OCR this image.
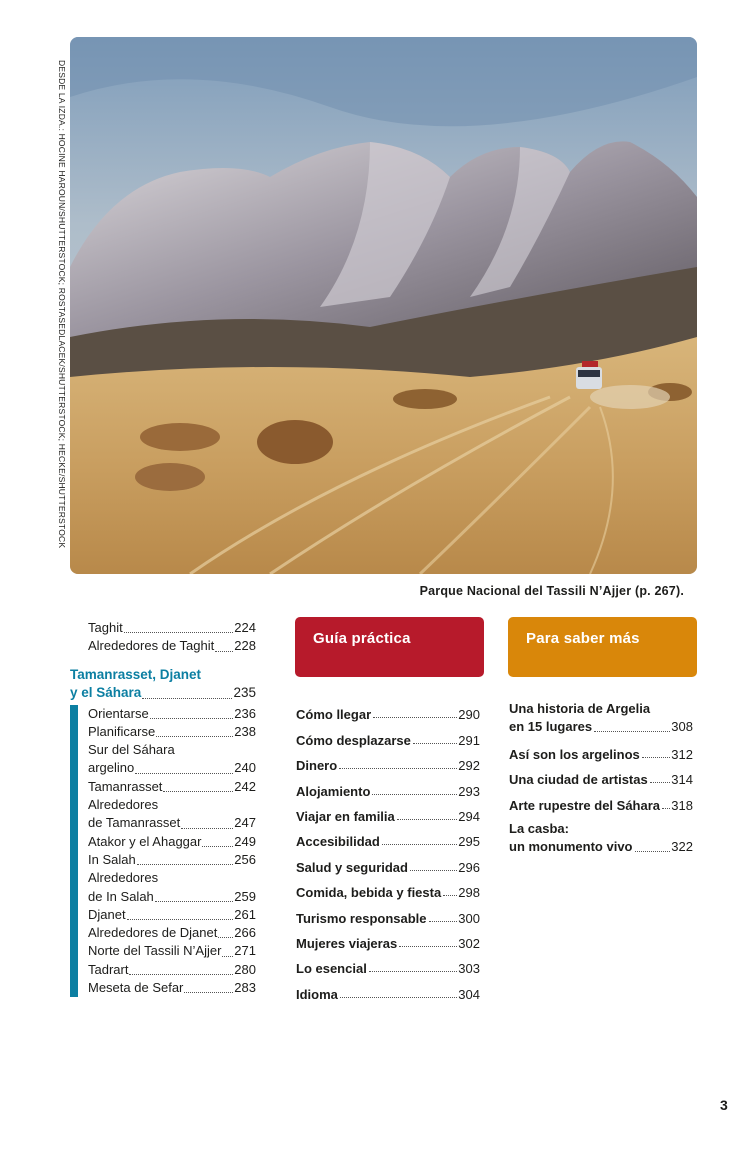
DESDE LA IZDA.: HOCINE HAROUN/SHUTTERSTOCK; ROSTASEDLACEK/SHUTTERSTOCK; HECKE/SHUTTERSTOCK
Parque Nacional del Tassili N’Ajjer (p. 267).
Taghit	224
Alrededores de Taghit 228
Tamanrasset, Djanet
y el Sáhara	235
Orientarse	236
Planificarse	238
Sur del Sáhara
argelino	240
Tamanrasset	242
Alrededores
de Tamanrasset	247
Atakor y el Ahaggar	249
In Salah	256
Alrededores
de In Salah	259
Djanet	261
Alrededores de Djanet 266
Norte del Tassili N’Ajjer 271
Tadrart	280
Meseta de Sefar	283
Guía práctica	Para saber más
Cómo llegar	290
Cómo desplazarse	291
Dinero	292
Alojamiento	293
Viajar en familia	294
Accesibilidad	295
Salud y seguridad	296
Comida, bebida y fiesta 298
Turismo responsable 300
Mujeres viajeras	302
Lo esencial	303
Idioma	304
Una historia de Argelia
en 15 lugares	308
Así son los argelinos 312
Una ciudad de artistas 314
Arte rupestre del Sáhara 318
La casba:
un monumento vivo	322
3
